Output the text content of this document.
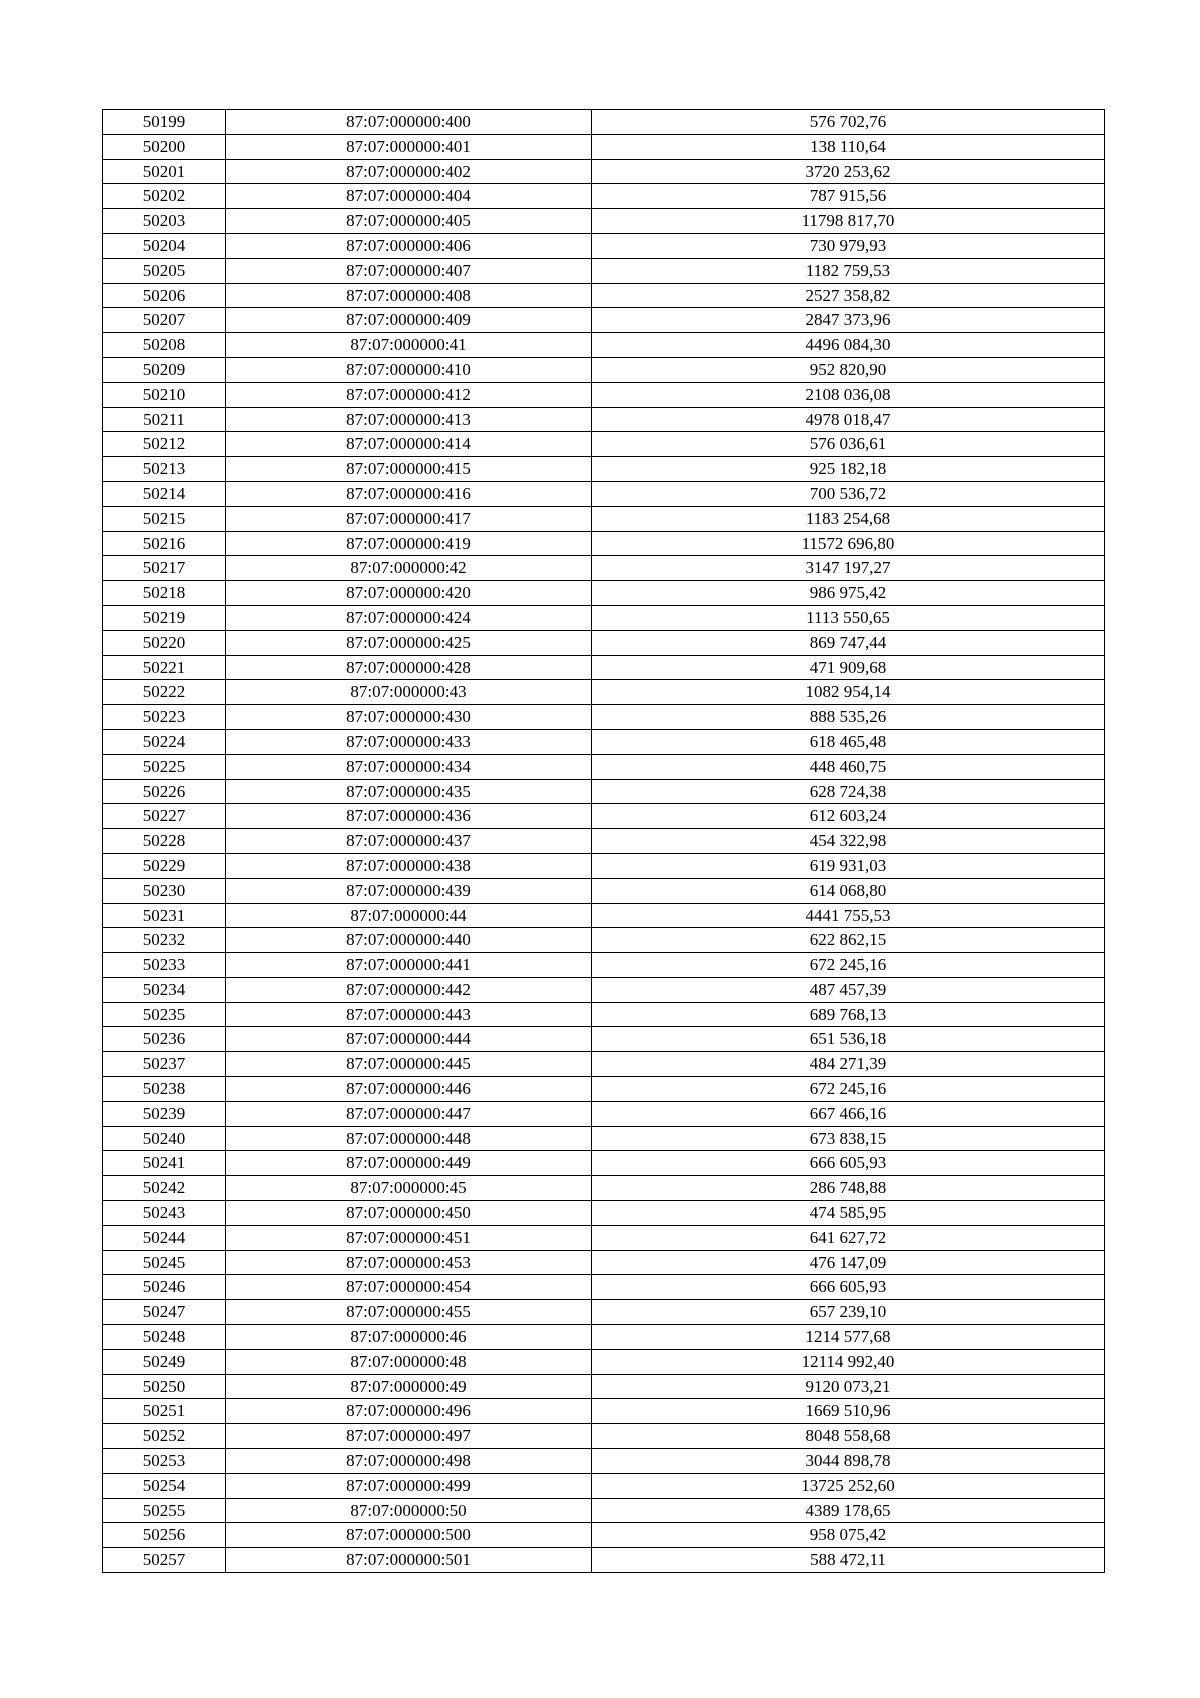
50199	87:07:000000:400	576 702,76
50200	87:07:000000:401	138 110,64
50201	87:07:000000:402	3720 253,62
50202	87:07:000000:404	787 915,56
50203	87:07:000000:405	11798 817,70
50204	87:07:000000:406	730 979,93
50205	87:07:000000:407	1182 759,53
50206	87:07:000000:408	2527 358,82
50207	87:07:000000:409	2847 373,96
50208	87:07:000000:41	4496 084,30
50209	87:07:000000:410	952 820,90
50210	87:07:000000:412	2108 036,08
50211	87:07:000000:413	4978 018,47
50212	87:07:000000:414	576 036,61
50213	87:07:000000:415	925 182,18
50214	87:07:000000:416	700 536,72
50215	87:07:000000:417	1183 254,68
50216	87:07:000000:419	11572 696,80
50217	87:07:000000:42	3147 197,27
50218	87:07:000000:420	986 975,42
50219	87:07:000000:424	1113 550,65
50220	87:07:000000:425	869 747,44
50221	87:07:000000:428	471 909,68
50222	87:07:000000:43	1082 954,14
50223	87:07:000000:430	888 535,26
50224	87:07:000000:433	618 465,48
50225	87:07:000000:434	448 460,75
50226	87:07:000000:435	628 724,38
50227	87:07:000000:436	612 603,24
50228	87:07:000000:437	454 322,98
50229	87:07:000000:438	619 931,03
50230	87:07:000000:439	614 068,80
50231	87:07:000000:44	4441 755,53
50232	87:07:000000:440	622 862,15
50233	87:07:000000:441	672 245,16
50234	87:07:000000:442	487 457,39
50235	87:07:000000:443	689 768,13
50236	87:07:000000:444	651 536,18
50237	87:07:000000:445	484 271,39
50238	87:07:000000:446	672 245,16
50239	87:07:000000:447	667 466,16
50240	87:07:000000:448	673 838,15
50241	87:07:000000:449	666 605,93
50242	87:07:000000:45	286 748,88
50243	87:07:000000:450	474 585,95
50244	87:07:000000:451	641 627,72
50245	87:07:000000:453	476 147,09
50246	87:07:000000:454	666 605,93
50247	87:07:000000:455	657 239,10
50248	87:07:000000:46	1214 577,68
50249	87:07:000000:48	12114 992,40
50250	87:07:000000:49	9120 073,21
50251	87:07:000000:496	1669 510,96
50252	87:07:000000:497	8048 558,68
50253	87:07:000000:498	3044 898,78
50254	87:07:000000:499	13725 252,60
50255	87:07:000000:50	4389 178,65
50256	87:07:000000:500	958 075,42
50257	87:07:000000:501	588 472,11
